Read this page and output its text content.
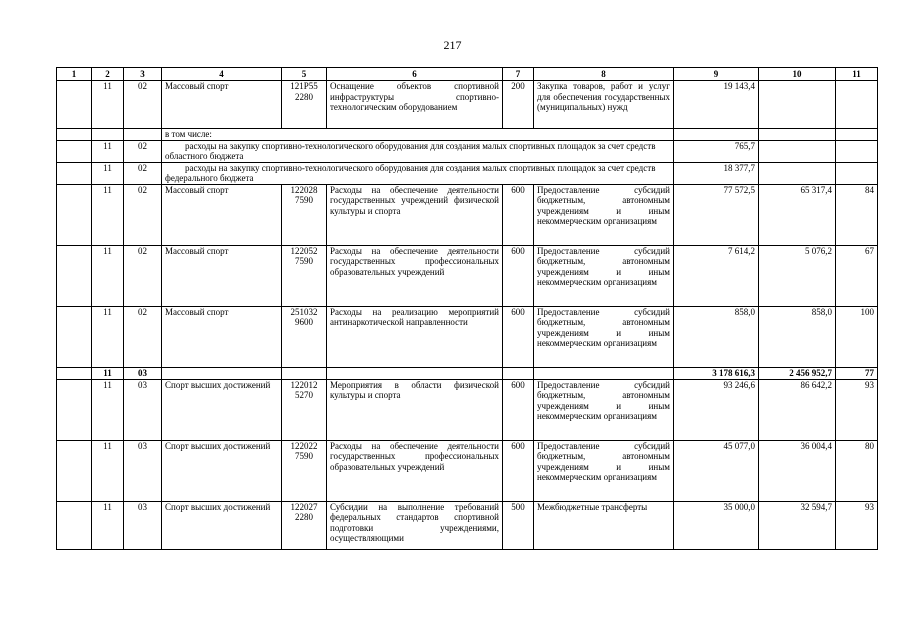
217
1	2	3	4	5	6	7	8	9	10	11
	11	02	Массовый спорт	121Р55 2280	Оснащение объектов спортивной инфраструктуры спортивно-технологическим оборудованием	200	Закупка товаров, работ и услуг для обеспечения государственных (муниципальных) нужд	19 143,4		
			в том числе:							
	11	02	расходы на закупку спортивно-технологического оборудования для создания малых спортивных площадок за счет средств областного бюджета					765,7		
	11	02	расходы на закупку спортивно-технологического оборудования для создания малых спортивных площадок за счет средств федерального бюджета					18 377,7		
	11	02	Массовый спорт	122028 7590	Расходы на обеспечение деятельности государственных учреждений физической культуры и спорта	600	Предоставление субсидий бюджетным, автономным учреждениям и иным некоммерческим организациям	77 572,5	65 317,4	84
	11	02	Массовый спорт	122052 7590	Расходы на обеспечение деятельности государственных профессиональных образовательных учреждений	600	Предоставление субсидий бюджетным, автономным учреждениям и иным некоммерческим организациям	7 614,2	5 076,2	67
	11	02	Массовый спорт	251032 9600	Расходы на реализацию мероприятий антинаркотической направленности	600	Предоставление субсидий бюджетным, автономным учреждениям и иным некоммерческим организациям	858,0	858,0	100
	11	03						3 178 616,3	2 456 952,7	77
	11	03	Спорт высших достижений	122012 5270	Мероприятия в области физической культуры и спорта	600	Предоставление субсидий бюджетным, автономным учреждениям и иным некоммерческим организациям	93 246,6	86 642,2	93
	11	03	Спорт высших достижений	122022 7590	Расходы на обеспечение деятельности государственных профессиональных образовательных учреждений	600	Предоставление субсидий бюджетным, автономным учреждениям и иным некоммерческим организациям	45 077,0	36 004,4	80
	11	03	Спорт высших достижений	122027 2280	Субсидии на выполнение требований федеральных стандартов спортивной подготовки учреждениями, осуществляющими	500	Межбюджетные трансферты	35 000,0	32 594,7	93
